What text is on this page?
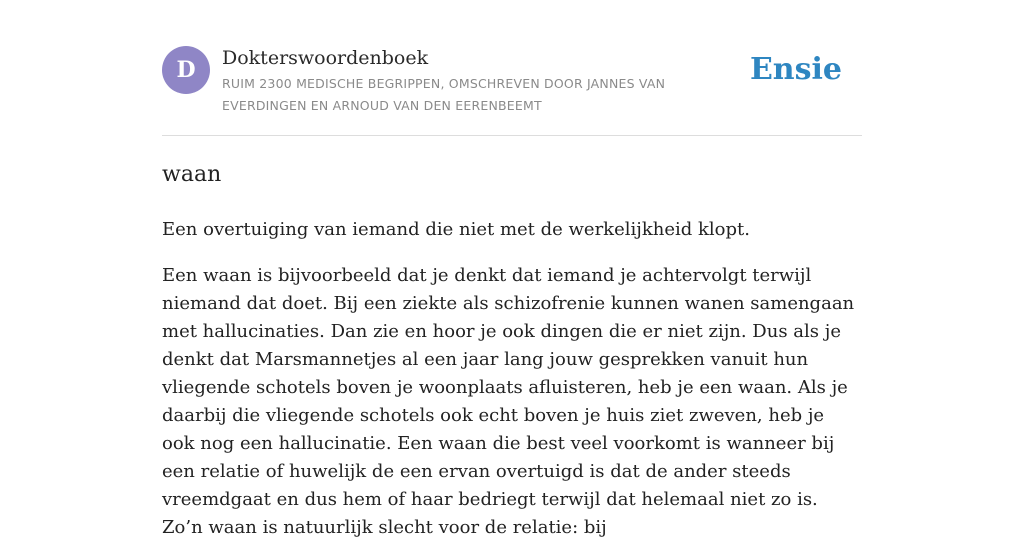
D	Dokterswoordenboek
RUIM 2300 MEDISCHE BEGRIPPEN, OMSCHREVEN DOOR JANNES VAN EVERDINGEN EN ARNOUD VAN DEN EERENBEEMT
Ensie
waan

Een overtuiging van iemand die niet met de werkelijkheid klopt.

Een waan is bijvoorbeeld dat je denkt dat iemand je achtervolgt terwijl niemand dat doet. Bij een ziekte als schizofrenie kunnen wanen samengaan met hallucinaties. Dan zie en hoor je ook dingen die er niet zijn. Dus als je denkt dat Marsmannetjes al een jaar lang jouw gesprekken vanuit hun vliegende schotels boven je woonplaats afluisteren, heb je een waan. Als je daarbij die vliegende schotels ook echt boven je huis ziet zweven, heb je ook nog een hallucinatie. Een waan die best veel voorkomt is wanneer bij een relatie of huwelijk de een ervan overtuigd is dat de ander steeds vreemdgaat en dus hem of haar bedriegt terwijl dat helemaal niet zo is. Zo’n waan is natuurlijk slecht voor de relatie: bij
